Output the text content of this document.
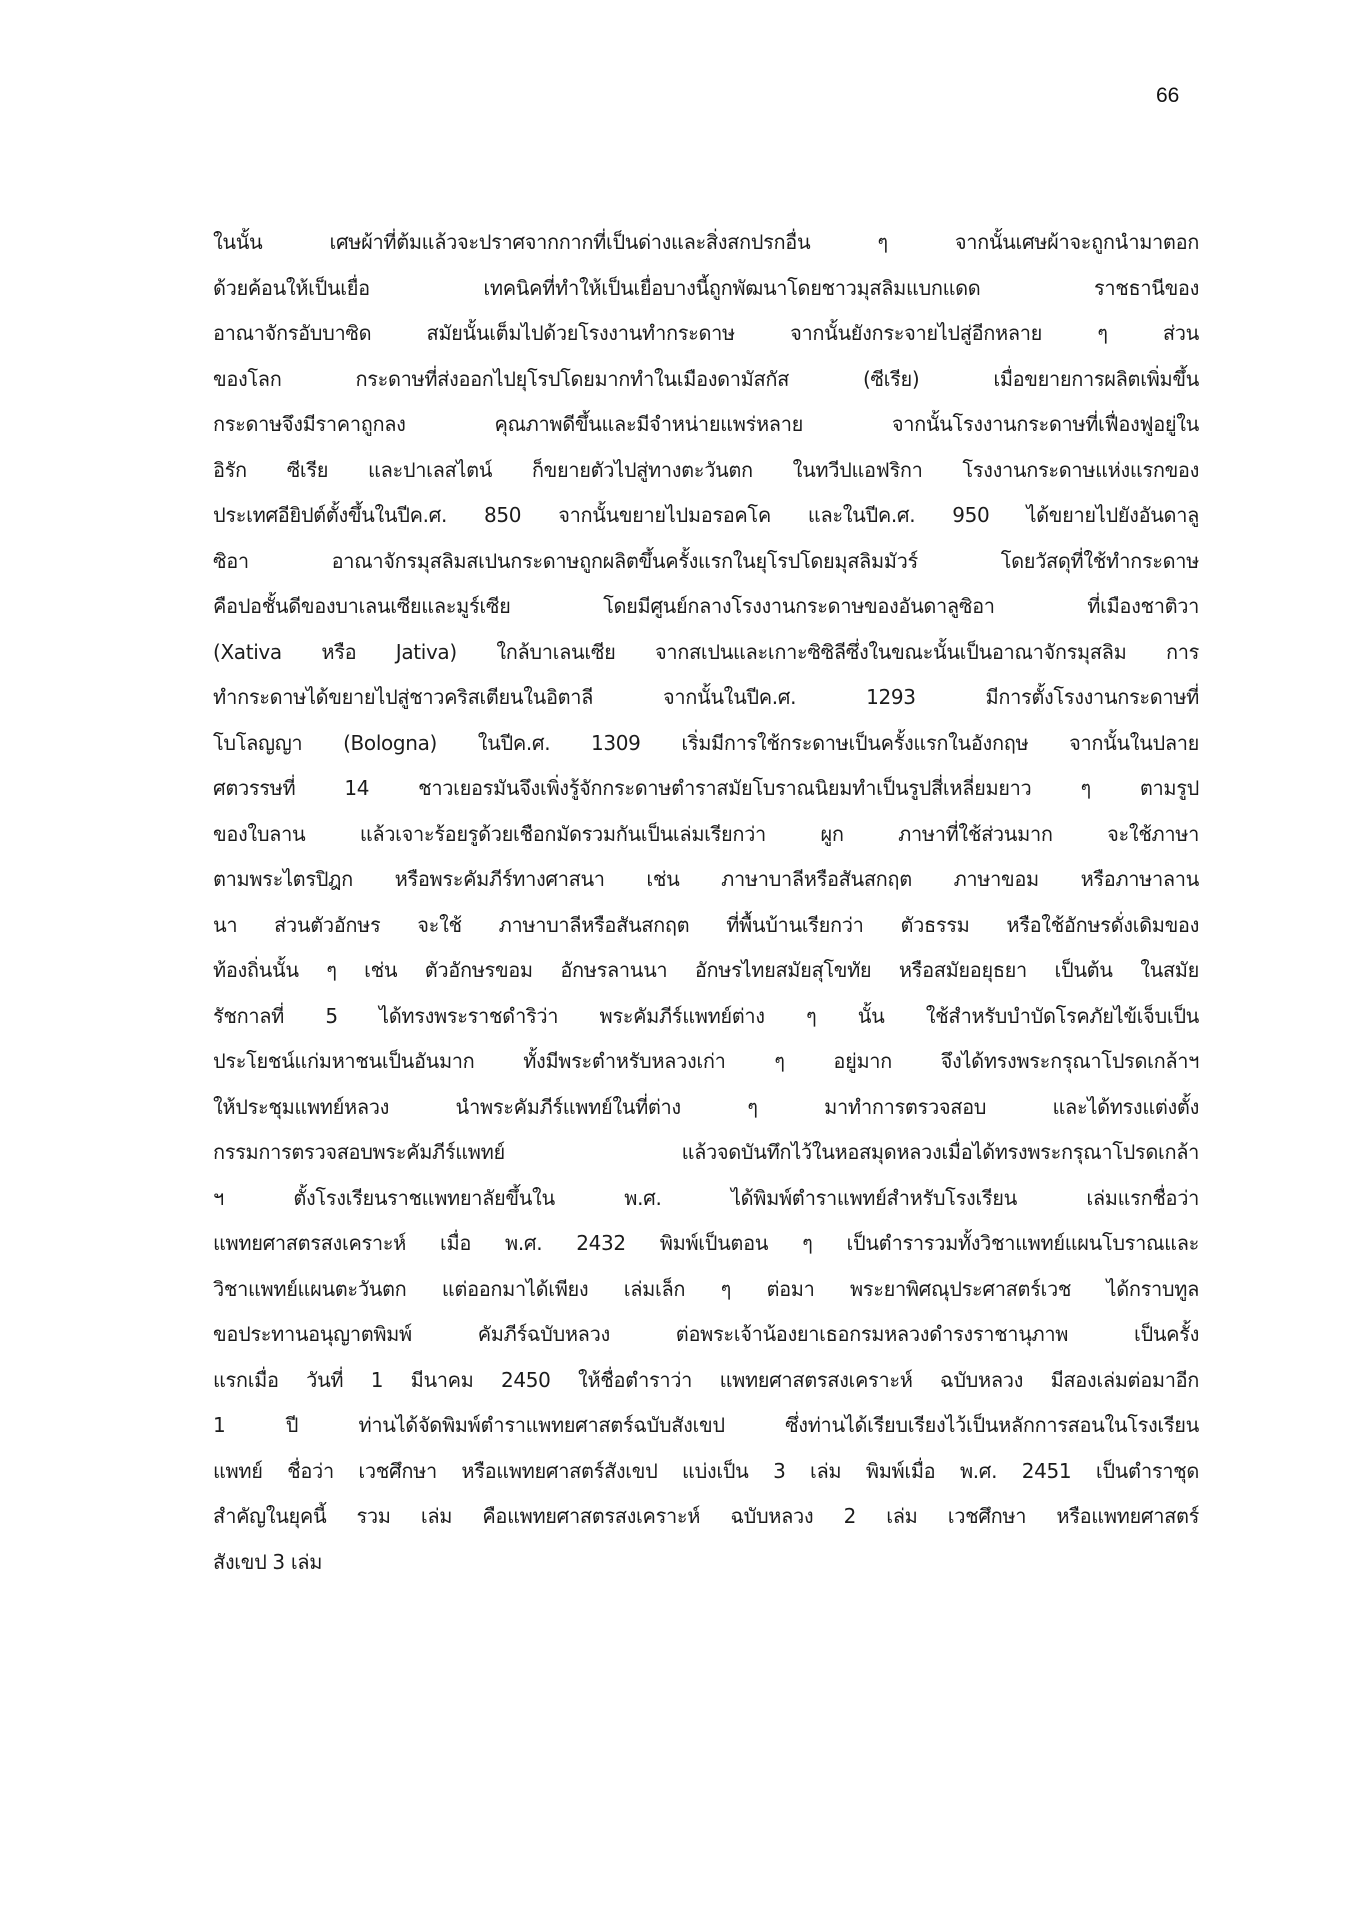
66
ในนั้น เศษผ้าที่ต้มแล้วจะปราศจากกากที่เป็นด่างและสิ่งสกปรกอื่น ๆ จากนั้นเศษผ้าจะถูกนำมาตอก
ด้วยค้อนให้เป็นเยื่อ เทคนิคที่ทำให้เป็นเยื่อบางนี้ถูกพัฒนาโดยชาวมุสลิมแบกแดด ราชธานีของ
อาณาจักรอับบาซิด สมัยนั้นเต็มไปด้วยโรงงานทำกระดาษ จากนั้นยังกระจายไปสู่อีกหลาย ๆ ส่วน
ของโลก กระดาษที่ส่งออกไปยุโรปโดยมากทำในเมืองดามัสกัส (ซีเรีย) เมื่อขยายการผลิตเพิ่มขึ้น
กระดาษจึงมีราคาถูกลง คุณภาพดีขึ้นและมีจำหน่ายแพร่หลาย จากนั้นโรงงานกระดาษที่เฟื่องฟูอยู่ใน
อิรัก ซีเรีย และปาเลสไตน์ ก็ขยายตัวไปสู่ทางตะวันตก ในทวีปแอฟริกา โรงงานกระดาษแห่งแรกของ
ประเทศอียิปต์ตั้งขึ้นในปีค.ศ. 850 จากนั้นขยายไปมอรอคโค และในปีค.ศ. 950 ได้ขยายไปยังอันดาลู
ซิอา อาณาจักรมุสลิมสเปนกระดาษถูกผลิตขึ้นครั้งแรกในยุโรปโดยมุสลิมมัวร์ โดยวัสดุที่ใช้ทำกระดาษ
คือปอชั้นดีของบาเลนเซียและมูร์เซีย โดยมีศูนย์กลางโรงงานกระดาษของอันดาลูซิอา ที่เมืองชาติวา
(Xativa หรือ Jativa) ใกล้บาเลนเซีย จากสเปนและเกาะซิซิลีซึ่งในขณะนั้นเป็นอาณาจักรมุสลิม การ
ทำกระดาษได้ขยายไปสู่ชาวคริสเตียนในอิตาลี จากนั้นในปีค.ศ. 1293 มีการตั้งโรงงานกระดาษที่
โบโลญญา (Bologna) ในปีค.ศ. 1309 เริ่มมีการใช้กระดาษเป็นครั้งแรกในอังกฤษ จากนั้นในปลาย
ศตวรรษที่ 14 ชาวเยอรมันจึงเพิ่งรู้จักกระดาษตำราสมัยโบราณนิยมทำเป็นรูปสี่เหลี่ยมยาว ๆ ตามรูป
ของใบลาน แล้วเจาะร้อยรูด้วยเชือกมัดรวมกันเป็นเล่มเรียกว่า ผูก ภาษาที่ใช้ส่วนมาก จะใช้ภาษา
ตามพระไตรปิฎก หรือพระคัมภีร์ทางศาสนา เช่น ภาษาบาลีหรือสันสกฤต ภาษาขอม หรือภาษาลาน
นา ส่วนตัวอักษร จะใช้ ภาษาบาลีหรือสันสกฤต ที่พื้นบ้านเรียกว่า ตัวธรรม หรือใช้อักษรดั่งเดิมของ
ท้องถิ่นนั้น ๆ เช่น ตัวอักษรขอม อักษรลานนา อักษรไทยสมัยสุโขทัย หรือสมัยอยุธยา เป็นต้น ในสมัย
รัชกาลที่ 5 ได้ทรงพระราชดำริว่า พระคัมภีร์แพทย์ต่าง ๆ นั้น ใช้สำหรับบำบัดโรคภัยไข้เจ็บเป็น
ประโยชน์แก่มหาชนเป็นอันมาก ทั้งมีพระตำหรับหลวงเก่า ๆ อยู่มาก จึงได้ทรงพระกรุณาโปรดเกล้าฯ
ให้ประชุมแพทย์หลวง นำพระคัมภีร์แพทย์ในที่ต่าง ๆ มาทำการตรวจสอบ และได้ทรงแต่งตั้ง
กรรมการตรวจสอบพระคัมภีร์แพทย์ แล้วจดบันทึกไว้ในหอสมุดหลวงเมื่อได้ทรงพระกรุณาโปรดเกล้า
ฯ ตั้งโรงเรียนราชแพทยาลัยขึ้นใน พ.ศ. ได้พิมพ์ตำราแพทย์สำหรับโรงเรียน เล่มแรกชื่อว่า
แพทยศาสตรสงเคราะห์ เมื่อ พ.ศ. 2432 พิมพ์เป็นตอน ๆ เป็นตำรารวมทั้งวิชาแพทย์แผนโบราณและ
วิชาแพทย์แผนตะวันตก แต่ออกมาได้เพียง เล่มเล็ก ๆ ต่อมา พระยาพิศณุประศาสตร์เวช ได้กราบทูล
ขอประทานอนุญาตพิมพ์ คัมภีร์ฉบับหลวง ต่อพระเจ้าน้องยาเธอกรมหลวงดำรงราชานุภาพ เป็นครั้ง
แรกเมื่อ วันที่ 1 มีนาคม 2450 ให้ชื่อตำราว่า แพทยศาสตรสงเคราะห์ ฉบับหลวง มีสองเล่มต่อมาอีก
1 ปี ท่านได้จัดพิมพ์ตำราแพทยศาสตร์ฉบับสังเขป ซึ่งท่านได้เรียบเรียงไว้เป็นหลักการสอนในโรงเรียน
แพทย์ ชื่อว่า เวชศึกษา หรือแพทยศาสตร์สังเขป แบ่งเป็น 3 เล่ม พิมพ์เมื่อ พ.ศ. 2451 เป็นตำราชุด
สำคัญในยุคนี้ รวม เล่ม คือแพทยศาสตรสงเคราะห์ ฉบับหลวง 2 เล่ม เวชศึกษา หรือแพทยศาสตร์
สังเขป 3 เล่ม
